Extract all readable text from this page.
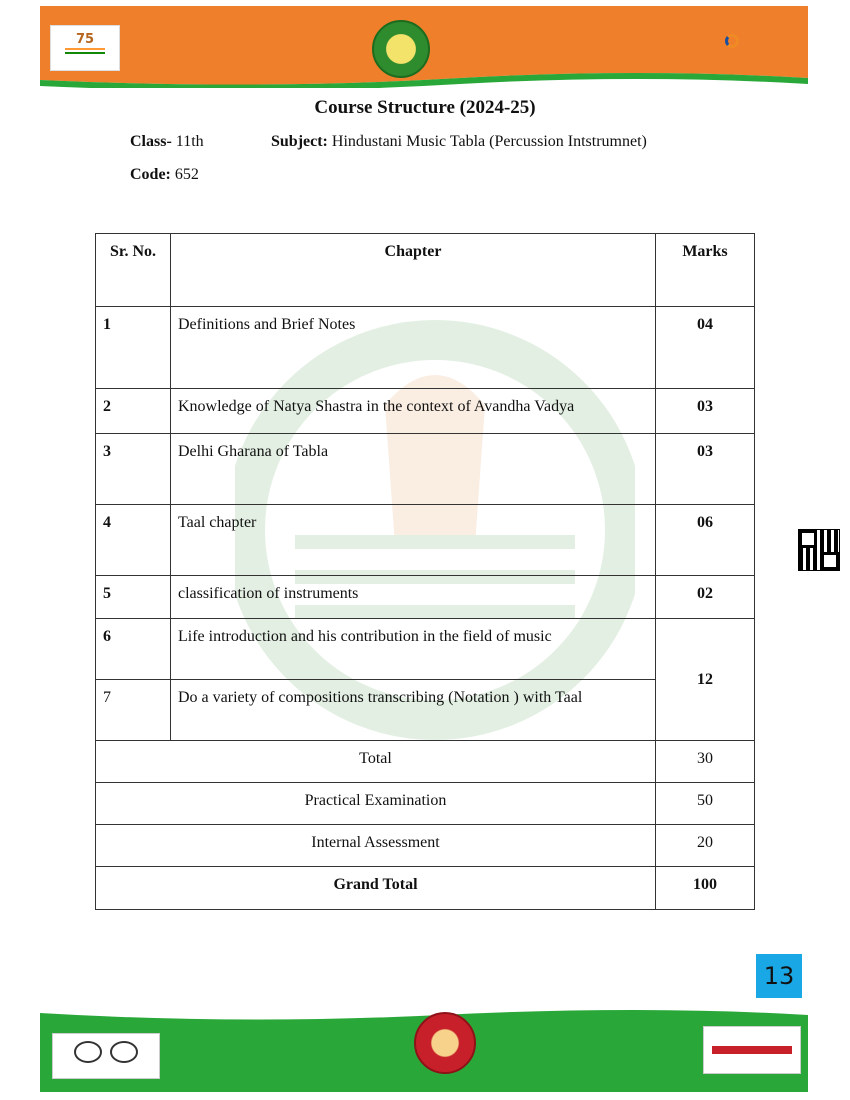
75

Course Structure (2024-25)
Class- 11th	Subject: Hindustani Music Tabla (Percussion Intstrumnet)
Code: 652
Sr. No.	Chapter	Marks
1	Definitions and Brief Notes	04
2	Knowledge of Natya Shastra in the context of Avandha Vadya	03
3	Delhi Gharana of Tabla	03
4	Taal chapter	06
5	classification of instruments	02
6	Life introduction and his contribution in the field of music	12
7	Do a variety of compositions transcribing (Notation ) with Taal	
Total		30
Practical Examination		50
Internal Assessment		20
Grand Total		100
13
